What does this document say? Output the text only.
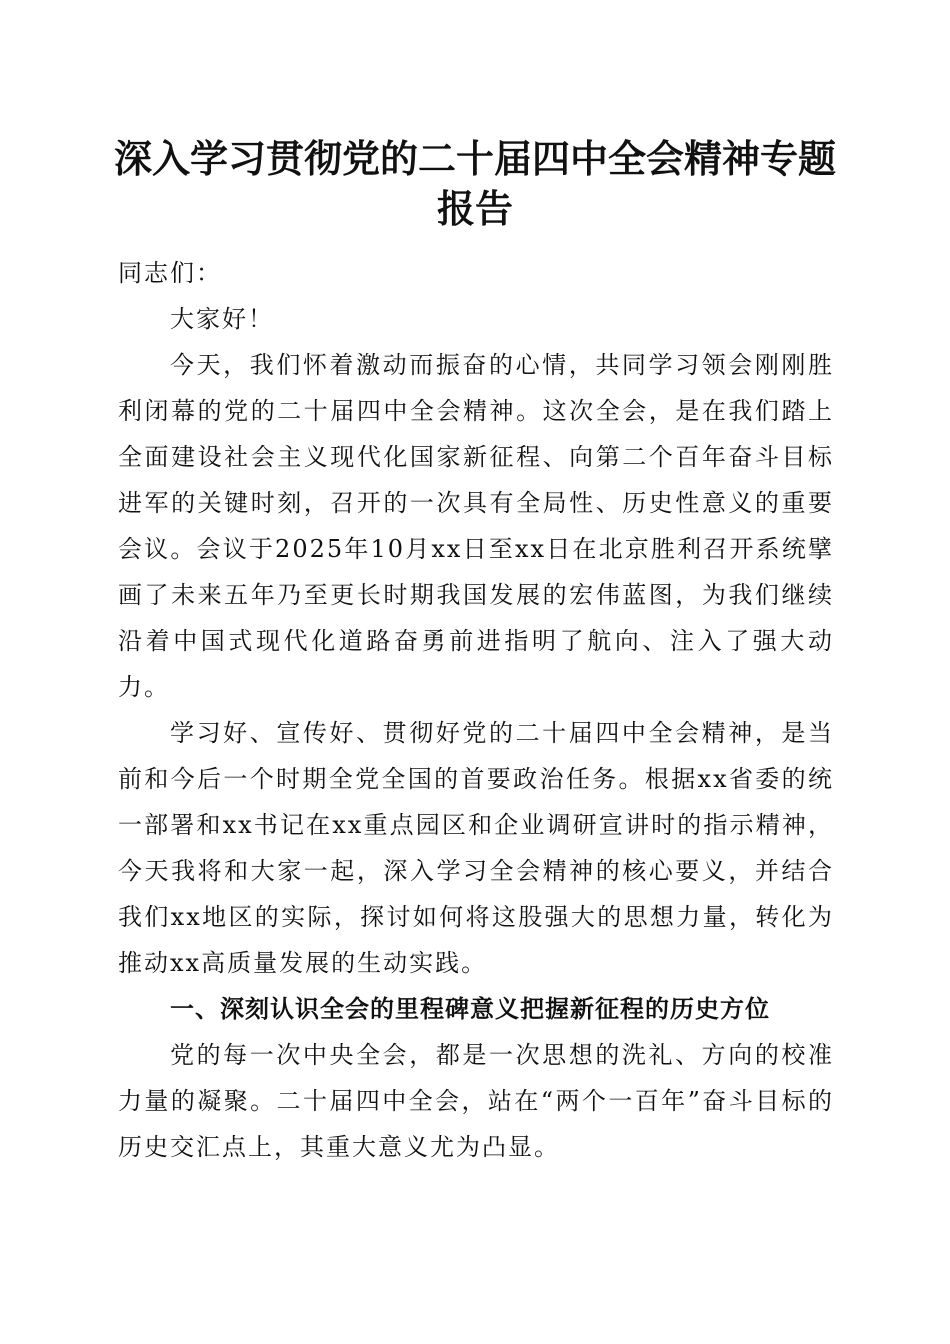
深入学习贯彻党的二十届四中全会精神专题报告

同志们：

大家好！

今天，我们怀着激动而振奋的心情，共同学习领会刚刚胜利闭幕的党的二十届四中全会精神。这次全会，是在我们踏上全面建设社会主义现代化国家新征程、向第二个百年奋斗目标进军的关键时刻，召开的一次具有全局性、历史性意义的重要会议。会议于2025年10月xx日至xx日在北京胜利召开系统擘画了未来五年乃至更长时期我国发展的宏伟蓝图，为我们继续沿着中国式现代化道路奋勇前进指明了航向、注入了强大动力。

学习好、宣传好、贯彻好党的二十届四中全会精神，是当前和今后一个时期全党全国的首要政治任务。根据xx省委的统一部署和xx书记在xx重点园区和企业调研宣讲时的指示精神，今天我将和大家一起，深入学习全会精神的核心要义，并结合我们xx地区的实际，探讨如何将这股强大的思想力量，转化为推动xx高质量发展的生动实践。

一、深刻认识全会的里程碑意义把握新征程的历史方位

党的每一次中央全会，都是一次思想的洗礼、方向的校准力量的凝聚。二十届四中全会，站在“两个一百年”奋斗目标的历史交汇点上，其重大意义尤为凸显。
